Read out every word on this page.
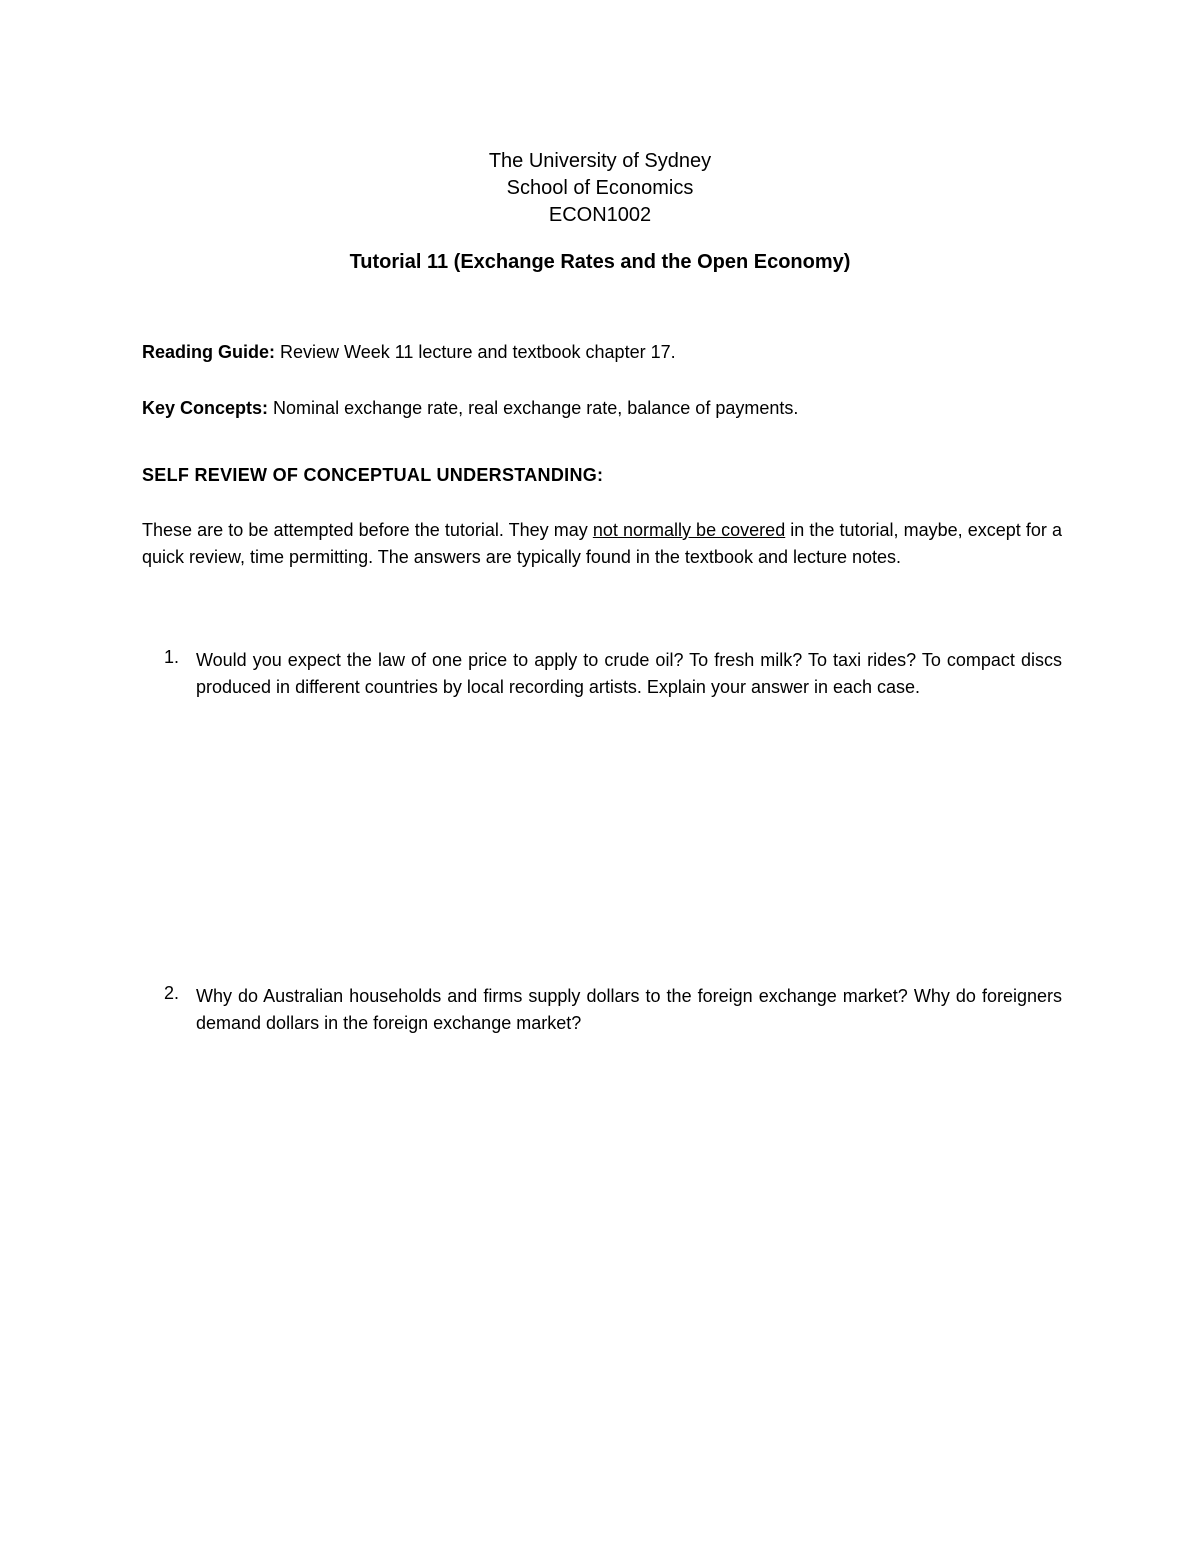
The University of Sydney
School of Economics
ECON1002
Tutorial 11 (Exchange Rates and the Open Economy)
Reading Guide: Review Week 11 lecture and textbook chapter 17.
Key Concepts: Nominal exchange rate, real exchange rate, balance of payments.
SELF REVIEW OF CONCEPTUAL UNDERSTANDING:
These are to be attempted before the tutorial. They may not normally be covered in the tutorial, maybe, except for a quick review, time permitting. The answers are typically found in the textbook and lecture notes.
1. Would you expect the law of one price to apply to crude oil? To fresh milk? To taxi rides? To compact discs produced in different countries by local recording artists. Explain your answer in each case.
2. Why do Australian households and firms supply dollars to the foreign exchange market? Why do foreigners demand dollars in the foreign exchange market?
